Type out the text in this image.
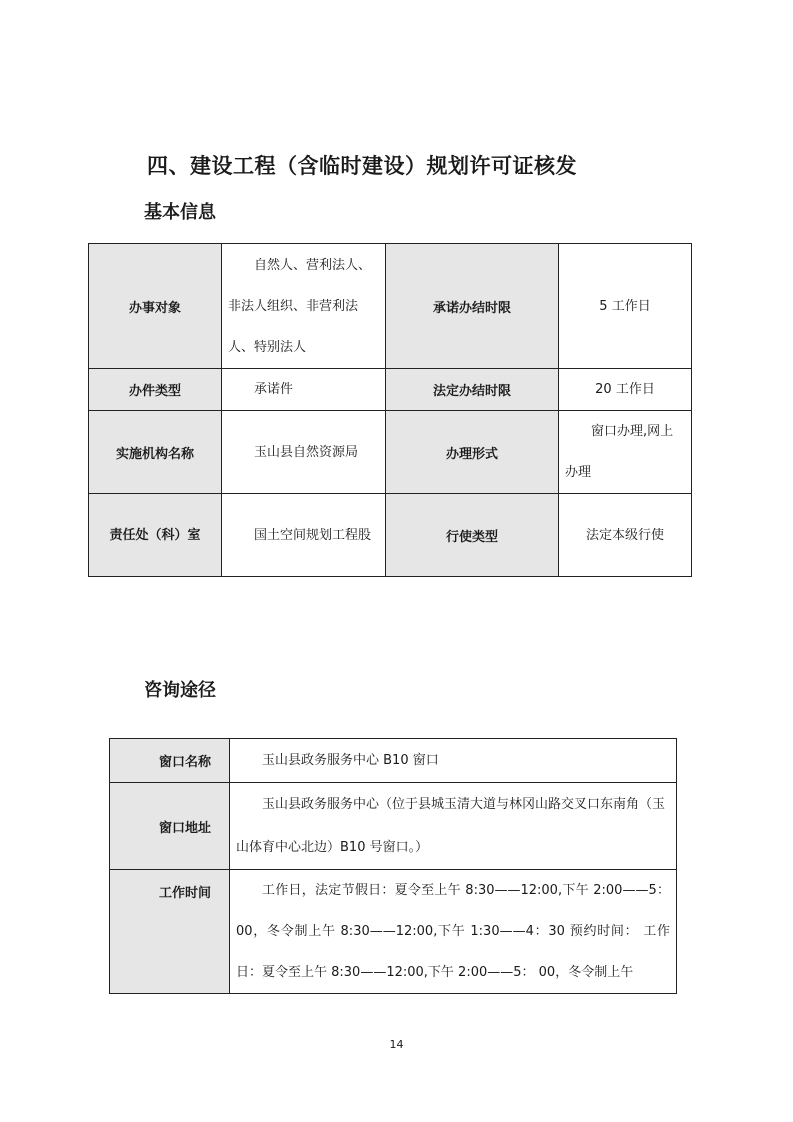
四、建设工程（含临时建设）规划许可证核发
基本信息
办事对象	自然人、营利法人、非法人组织、非营利法人、特别法人	承诺办结时限	5 工作日
办件类型	承诺件	法定办结时限	20 工作日
实施机构名称	玉山县自然资源局	办理形式	窗口办理,网上办理
责任处（科）室	国土空间规划工程股	行使类型	法定本级行使
咨询途径
窗口名称	玉山县政务服务中心 B10 窗口
窗口地址	玉山县政务服务中心（位于县城玉清大道与林冈山路交叉口东南角（玉山体育中心北边）B10 号窗口。）
工作时间	工作日，法定节假日：夏令至上午 8:30——12:00,下午 2:00——5：00，冬令制上午 8:30——12:00,下午 1:30——4：30 预约时间： 工作日：夏令至上午 8:30——12:00,下午 2:00——5： 00，冬令制上午
14
